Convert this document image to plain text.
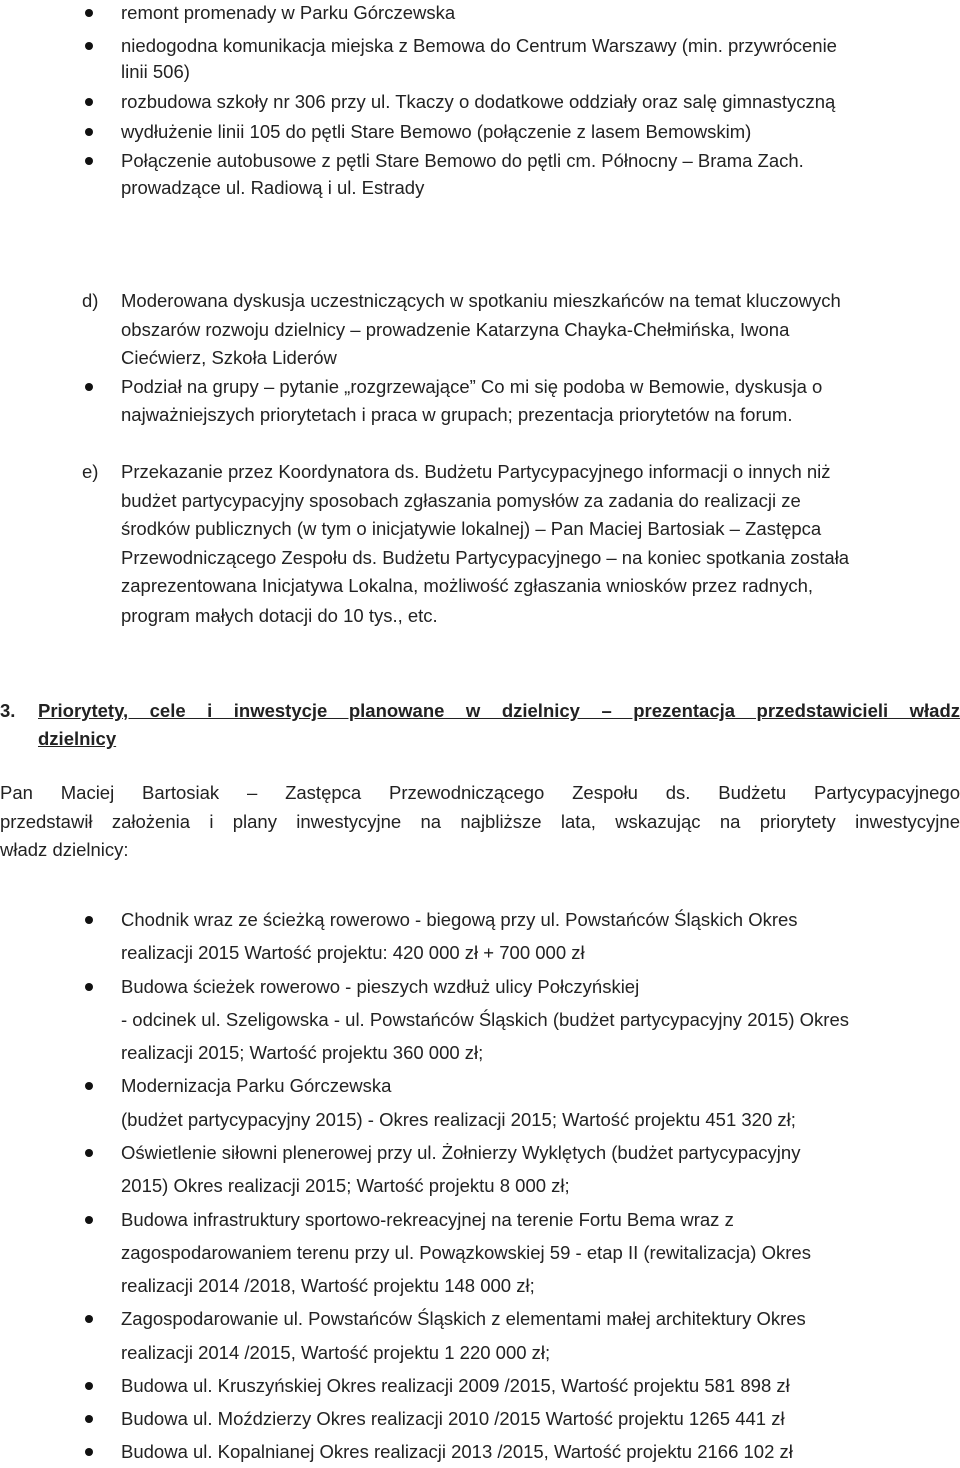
remont promenady w Parku Górczewska
niedogodna komunikacja miejska z Bemowa do Centrum Warszawy (min. przywrócenie
linii 506)
rozbudowa szkoły nr 306 przy ul. Tkaczy o dodatkowe oddziały oraz salę gimnastyczną
wydłużenie linii 105 do pętli Stare Bemowo (połączenie z lasem Bemowskim)
Połączenie autobusowe z pętli Stare Bemowo do pętli cm. Północny – Brama Zach.
prowadzące ul. Radiową i ul. Estrady
d) Moderowana dyskusja uczestniczących w spotkaniu mieszkańców na temat kluczowych
obszarów rozwoju dzielnicy – prowadzenie Katarzyna Chayka-Chełmińska, Iwona
Ciećwierz, Szkoła Liderów
Podział na grupy – pytanie „rozgrzewające” Co mi się podoba w Bemowie, dyskusja o
najważniejszych priorytetach i praca w grupach; prezentacja priorytetów na forum.
e) Przekazanie przez Koordynatora ds. Budżetu Partycypacyjnego informacji o innych niż
budżet partycypacyjny sposobach zgłaszania pomysłów za zadania do realizacji ze
środków publicznych (w tym o inicjatywie lokalnej) – Pan Maciej Bartosiak – Zastępca
Przewodniczącego Zespołu ds. Budżetu Partycypacyjnego – na koniec spotkania została
zaprezentowana Inicjatywa Lokalna, możliwość zgłaszania wniosków przez radnych,
program małych dotacji do 10 tys., etc.
3. Priorytety, cele i inwestycje planowane w dzielnicy – prezentacja przedstawicieli władz
dzielnicy
Pan Maciej Bartosiak – Zastępca Przewodniczącego Zespołu ds. Budżetu Partycypacyjnego
przedstawił założenia i plany inwestycyjne na najbliższe lata, wskazując na priorytety inwestycyjne
władz dzielnicy:
Chodnik wraz ze ścieżką rowerowo - biegową przy ul. Powstańców Śląskich Okres
realizacji 2015 Wartość projektu: 420 000 zł + 700 000 zł
Budowa ścieżek rowerowo - pieszych wzdłuż ulicy Połczyńskiej
- odcinek ul. Szeligowska - ul. Powstańców Śląskich (budżet partycypacyjny 2015) Okres
realizacji 2015; Wartość projektu 360 000 zł;
Modernizacja Parku Górczewska
(budżet partycypacyjny 2015) - Okres realizacji 2015; Wartość projektu 451 320 zł;
Oświetlenie siłowni plenerowej przy ul. Żołnierzy Wyklętych (budżet partycypacyjny
2015) Okres realizacji 2015; Wartość projektu 8 000 zł;
Budowa infrastruktury sportowo-rekreacyjnej na terenie Fortu Bema wraz z
zagospodarowaniem terenu przy ul. Powązkowskiej 59 - etap II (rewitalizacja) Okres
realizacji 2014 /2018, Wartość projektu 148 000 zł;
Zagospodarowanie ul. Powstańców Śląskich z elementami małej architektury Okres
realizacji 2014 /2015, Wartość projektu 1 220 000 zł;
Budowa ul. Kruszyńskiej Okres realizacji 2009 /2015, Wartość projektu 581 898 zł
Budowa ul. Moździerzy Okres realizacji 2010 /2015 Wartość projektu 1265 441 zł
Budowa ul. Kopalnianej Okres realizacji 2013 /2015, Wartość projektu 2166 102 zł
